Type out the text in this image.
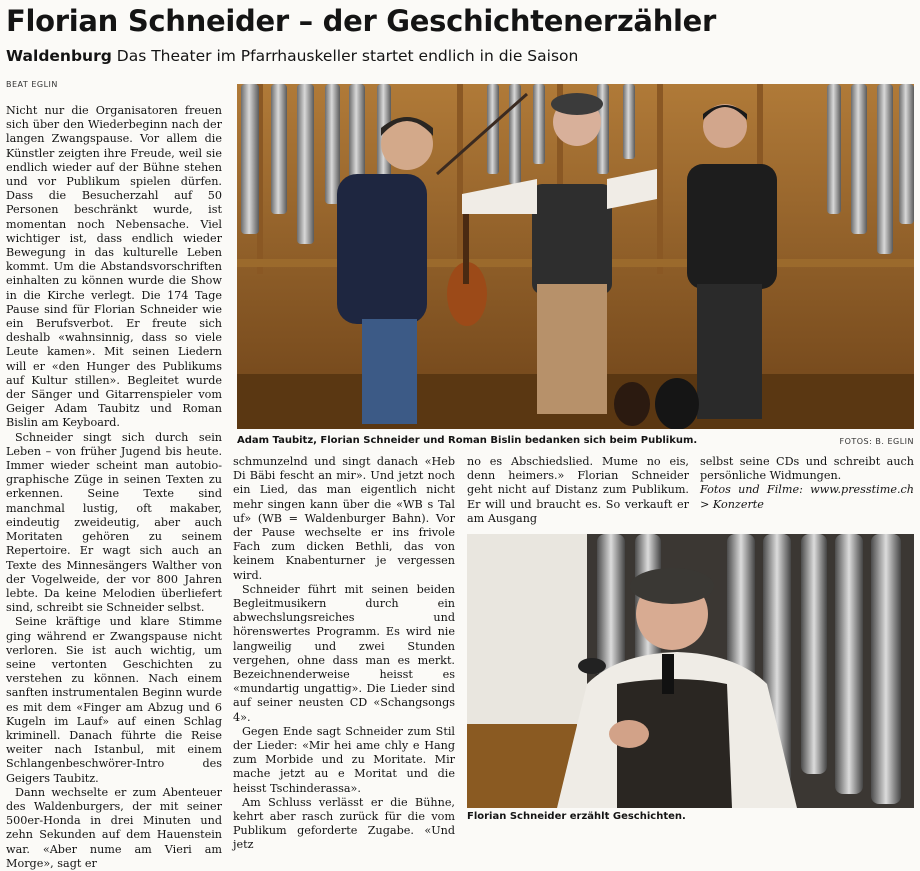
Florian Schneider – der Geschichtenerzähler
Waldenburg Das Theater im Pfarrhauskeller startet endlich in die Saison
BEAT EGLIN

Nicht nur die Organisatoren freuen sich über den Wiederbeginn nach der langen Zwangspause. Vor allem die Künstler zeigten ihre Freude, weil sie endlich wieder auf der Bühne stehen und vor Publikum spielen dürfen. Dass die Besucherzahl auf 50 Personen beschränkt wurde, ist momentan noch Nebensache. Viel wichtiger ist, dass endlich wieder Bewegung in das kulturelle Leben kommt. Um die Abstandsvorschriften einhalten zu können wurde die Show in die Kirche verlegt. Die 174 Tage Pause sind für Florian Schneider wie ein Berufsverbot. Er freute sich deshalb «wahnsinnig, dass so viele Leute kamen». Mit seinen Liedern will er «den Hunger des Publikums auf Kultur stillen». Begleitet wurde der Sänger und Gitarrenspieler vom Geiger Adam Taubitz und Roman Bislin am Keyboard.

Schneider singt sich durch sein Leben – von früher Jugend bis heute. Immer wieder scheint man autobio-graphische Züge in seinen Texten zu erkennen. Seine Texte sind manchmal lustig, oft makaber, eindeutig zweideutig, aber auch Moritaten gehören zu seinem Repertoire. Er wagt sich auch an Texte des Minnesängers Walther von der Vogelweide, der vor 800 Jahren lebte. Da keine Melodien überliefert sind, schreibt sie Schneider selbst.

Seine kräftige und klare Stimme ging während er Zwangspause nicht verloren. Sie ist auch wichtig, um seine vertonten Geschichten zu verstehen zu können. Nach einem sanften instrumentalen Beginn wurde es mit dem «Finger am Abzug und 6 Kugeln im Lauf» auf einen Schlag kriminell. Danach führte die Reise weiter nach Istanbul, mit einem Schlangenbeschwörer-Intro des Geigers Taubitz.

Dann wechselte er zum Abenteuer des Waldenburgers, der mit seiner 500er-Honda in drei Minuten und zehn Sekunden auf dem Hauenstein war. «Aber nume am Vieri am Morge», sagt er

Adam Taubitz, Florian Schneider und Roman Bislin bedanken sich beim Publikum.	FOTOS: B. EGLIN

schmunzelnd und singt danach «Heb Di Bäbi fescht an mir». Und jetzt noch ein Lied, das man eigentlich nicht mehr singen kann über die «WB s Tal uf» (WB = Waldenburger Bahn). Vor der Pause wechselte er ins frivole Fach zum dicken Bethli, das von keinem Knabenturner je vergessen wird.

Schneider führt mit seinen beiden Begleitmusikern durch ein abwechslungsreiches und hörenswertes Programm. Es wird nie langweilig und zwei Stunden vergehen, ohne dass man es merkt. Bezeichnenderweise heisst es «mundartig ungattig». Die Lieder sind auf seiner neusten CD «Schangsongs 4».

Gegen Ende sagt Schneider zum Stil der Lieder: «Mir hei ame chly e Hang zum Morbide und zu Moritate. Mir mache jetzt au e Moritat und die heisst Tschinderassa».

Am Schluss verlässt er die Bühne, kehrt aber rasch zurück für die vom Publikum geforderte Zugabe. «Und jetz

no es Abschiedslied. Mume no eis, denn heimers.» Florian Schneider geht nicht auf Distanz zum Publikum. Er will und braucht es. So verkauft er am Ausgang

selbst seine CDs und schreibt auch persönliche Widmungen.

Fotos und Filme: www.presstime.ch > Konzerte

Florian Schneider erzählt Geschichten.
